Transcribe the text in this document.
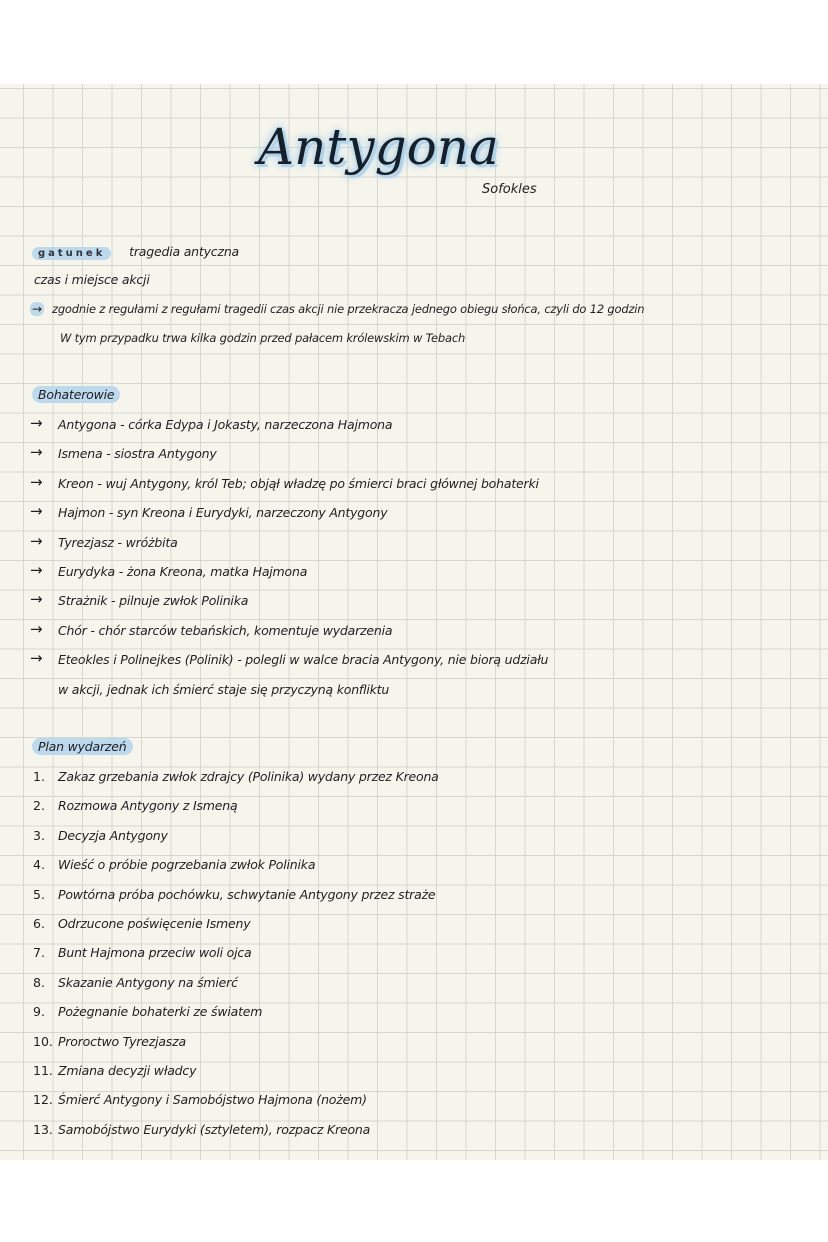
Antygona
Sofokles
gatunek tragedia antyczna
czas i miejsce akcji
→ zgodnie z regułami z regułami tragedii czas akcji nie przekracza jednego obiegu słońca, czyli do 12 godzin
W tym przypadku trwa kilka godzin przed pałacem królewskim w Tebach
Bohaterowie
→ Antygona - córka Edypa i Jokasty, narzeczona Hajmona
→ Ismena - siostra Antygony
→ Kreon - wuj Antygony, król Teb; objął władzę po śmierci braci głównej bohaterki
→ Hajmon - syn Kreona i Eurydyki, narzeczony Antygony
→ Tyrezjasz - wróżbita
→ Eurydyka - żona Kreona, matka Hajmona
→ Strażnik - pilnuje zwłok Polinika
→ Chór - chór starców tebańskich, komentuje wydarzenia
→ Eteokles i Polinejkes (Polinik) - polegli w walce bracia Antygony, nie biorą udziału
w akcji, jednak ich śmierć staje się przyczyną konfliktu
Plan wydarzeń
1. Zakaz grzebania zwłok zdrajcy (Polinika) wydany przez Kreona
2. Rozmowa Antygony z Ismeną
3. Decyzja Antygony
4. Wieść o próbie pogrzebania zwłok Polinika
5. Powtórna próba pochówku, schwytanie Antygony przez straże
6. Odrzucone poświęcenie Ismeny
7. Bunt Hajmona przeciw woli ojca
8. Skazanie Antygony na śmierć
9. Pożegnanie bohaterki ze światem
10. Proroctwo Tyrezjasza
11. Zmiana decyzji władcy
12. Śmierć Antygony i Samobójstwo Hajmona (nożem)
13. Samobójstwo Eurydyki (sztyletem), rozpacz Kreona
